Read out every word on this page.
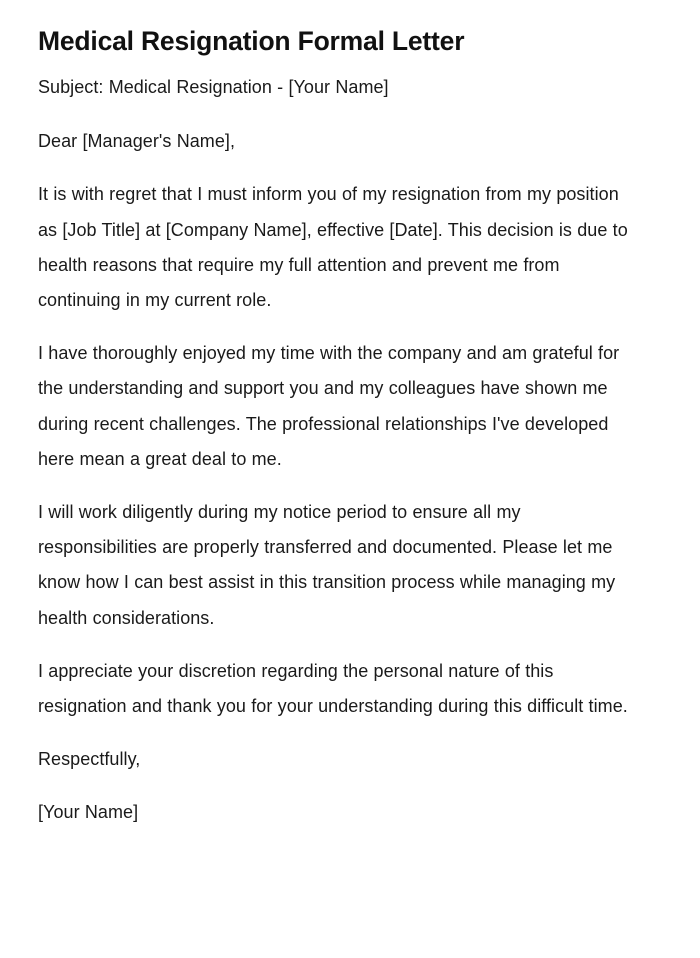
Medical Resignation Formal Letter

Subject: Medical Resignation - [Your Name]

Dear [Manager's Name],

It is with regret that I must inform you of my resignation from my position as [Job Title] at [Company Name], effective [Date]. This decision is due to health reasons that require my full attention and prevent me from continuing in my current role.

I have thoroughly enjoyed my time with the company and am grateful for the understanding and support you and my colleagues have shown me during recent challenges. The professional relationships I've developed here mean a great deal to me.

I will work diligently during my notice period to ensure all my responsibilities are properly transferred and documented. Please let me know how I can best assist in this transition process while managing my health considerations.

I appreciate your discretion regarding the personal nature of this resignation and thank you for your understanding during this difficult time.

Respectfully,

[Your Name]
